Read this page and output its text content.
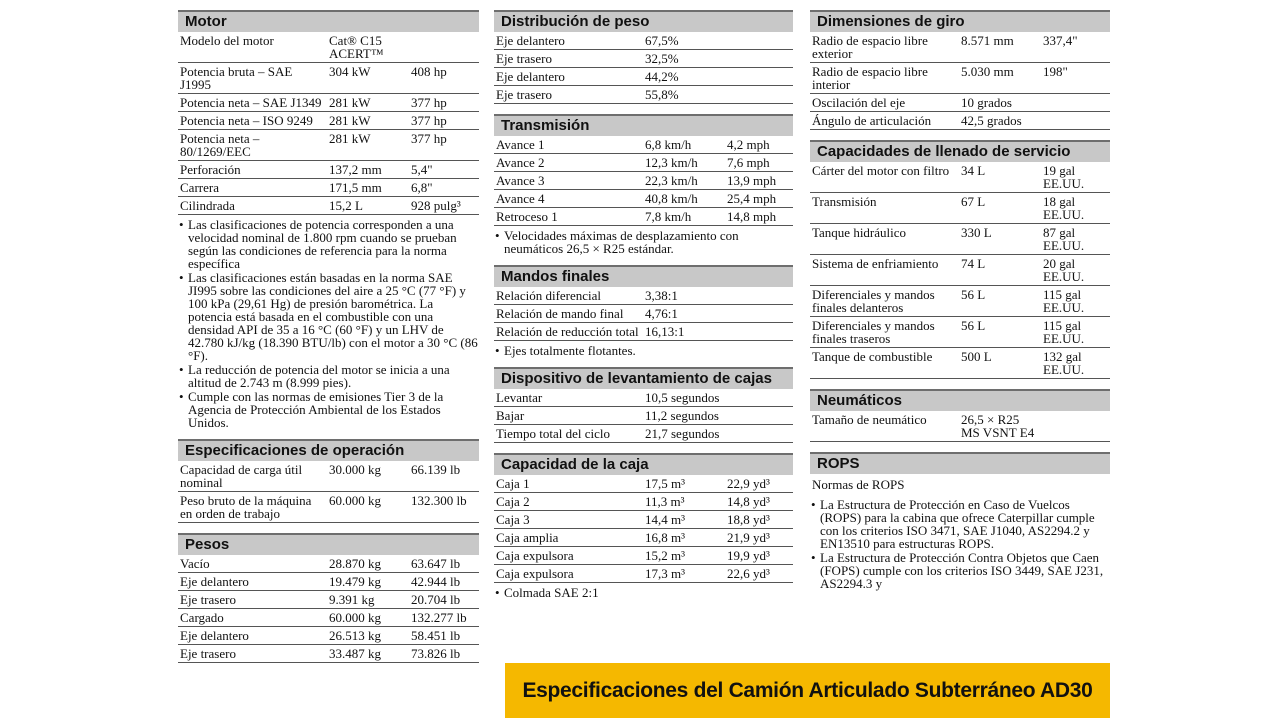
Motor
Modelo del motor	Cat® C15 ACERT™	
Potencia bruta – SAE J1995	304 kW	408 hp
Potencia neta – SAE J1349	281 kW	377 hp
Potencia neta – ISO 9249	281 kW	377 hp
Potencia neta – 80/1269/EEC	281 kW	377 hp
Perforación	137,2 mm	5,4"
Carrera	171,5 mm	6,8"
Cilindrada	15,2 L	928 pulg³
• Las clasificaciones de potencia corresponden a una velocidad nominal de 1.800 rpm cuando se prueban según las condiciones de referencia para la norma específica
• Las clasificaciones están basadas en la norma SAE JI995 sobre las condiciones del aire a 25 °C (77 °F) y 100 kPa (29,61 Hg) de presión barométrica. La potencia está basada en el combustible con una densidad API de 35 a 16 °C (60 °F) y un LHV de 42.780 kJ/kg (18.390 BTU/lb) con el motor a 30 °C (86 °F).
• La reducción de potencia del motor se inicia a una altitud de 2.743 m (8.999 pies).
• Cumple con las normas de emisiones Tier 3 de la Agencia de Protección Ambiental de los Estados Unidos.
Especificaciones de operación
Capacidad de carga útil nominal	30.000 kg	66.139 lb
Peso bruto de la máquina en orden de trabajo	60.000 kg	132.300 lb
Pesos
Vacío	28.870 kg	63.647 lb
Eje delantero	19.479 kg	42.944 lb
Eje trasero	9.391 kg	20.704 lb
Cargado	60.000 kg	132.277 lb
Eje delantero	26.513 kg	58.451 lb
Eje trasero	33.487 kg	73.826 lb
Distribución de peso
Eje delantero	67,5%	
Eje trasero	32,5%	
Eje delantero	44,2%	
Eje trasero	55,8%	
Transmisión
Avance 1	6,8 km/h	4,2 mph
Avance 2	12,3 km/h	7,6 mph
Avance 3	22,3 km/h	13,9 mph
Avance 4	40,8 km/h	25,4 mph
Retroceso 1	7,8 km/h	14,8 mph
• Velocidades máximas de desplazamiento con neumáticos 26,5 × R25 estándar.
Mandos finales
Relación diferencial	3,38:1	
Relación de mando final	4,76:1	
Relación de reducción total	16,13:1	
• Ejes totalmente flotantes.
Dispositivo de levantamiento de cajas
Levantar	10,5 segundos	
Bajar	11,2 segundos	
Tiempo total del ciclo	21,7 segundos	
Capacidad de la caja
Caja 1	17,5 m³	22,9 yd³
Caja 2	11,3 m³	14,8 yd³
Caja 3	14,4 m³	18,8 yd³
Caja amplia	16,8 m³	21,9 yd³
Caja expulsora	15,2 m³	19,9 yd³
Caja expulsora	17,3 m³	22,6 yd³
• Colmada SAE 2:1
Dimensiones de giro
Radio de espacio libre exterior	8.571 mm	337,4"
Radio de espacio libre interior	5.030 mm	198"
Oscilación del eje	10 grados	
Ángulo de articulación	42,5 grados	
Capacidades de llenado de servicio
Cárter del motor con filtro	34 L	19 gal EE.UU.
Transmisión	67 L	18 gal EE.UU.
Tanque hidráulico	330 L	87 gal EE.UU.
Sistema de enfriamiento	74 L	20 gal EE.UU.
Diferenciales y mandos finales delanteros	56 L	115 gal EE.UU.
Diferenciales y mandos finales traseros	56 L	115 gal EE.UU.
Tanque de combustible	500 L	132 gal EE.UU.
Neumáticos
Tamaño de neumático	26,5 × R25 MS VSNT E4	
ROPS
Normas de ROPS
• La Estructura de Protección en Caso de Vuelcos (ROPS) para la cabina que ofrece Caterpillar cumple con los criterios ISO 3471, SAE J1040, AS2294.2 y EN13510 para estructuras ROPS.
• La Estructura de Protección Contra Objetos que Caen (FOPS) cumple con los criterios ISO 3449, SAE J231, AS2294.3 y
Especificaciones del Camión Articulado Subterráneo AD30
